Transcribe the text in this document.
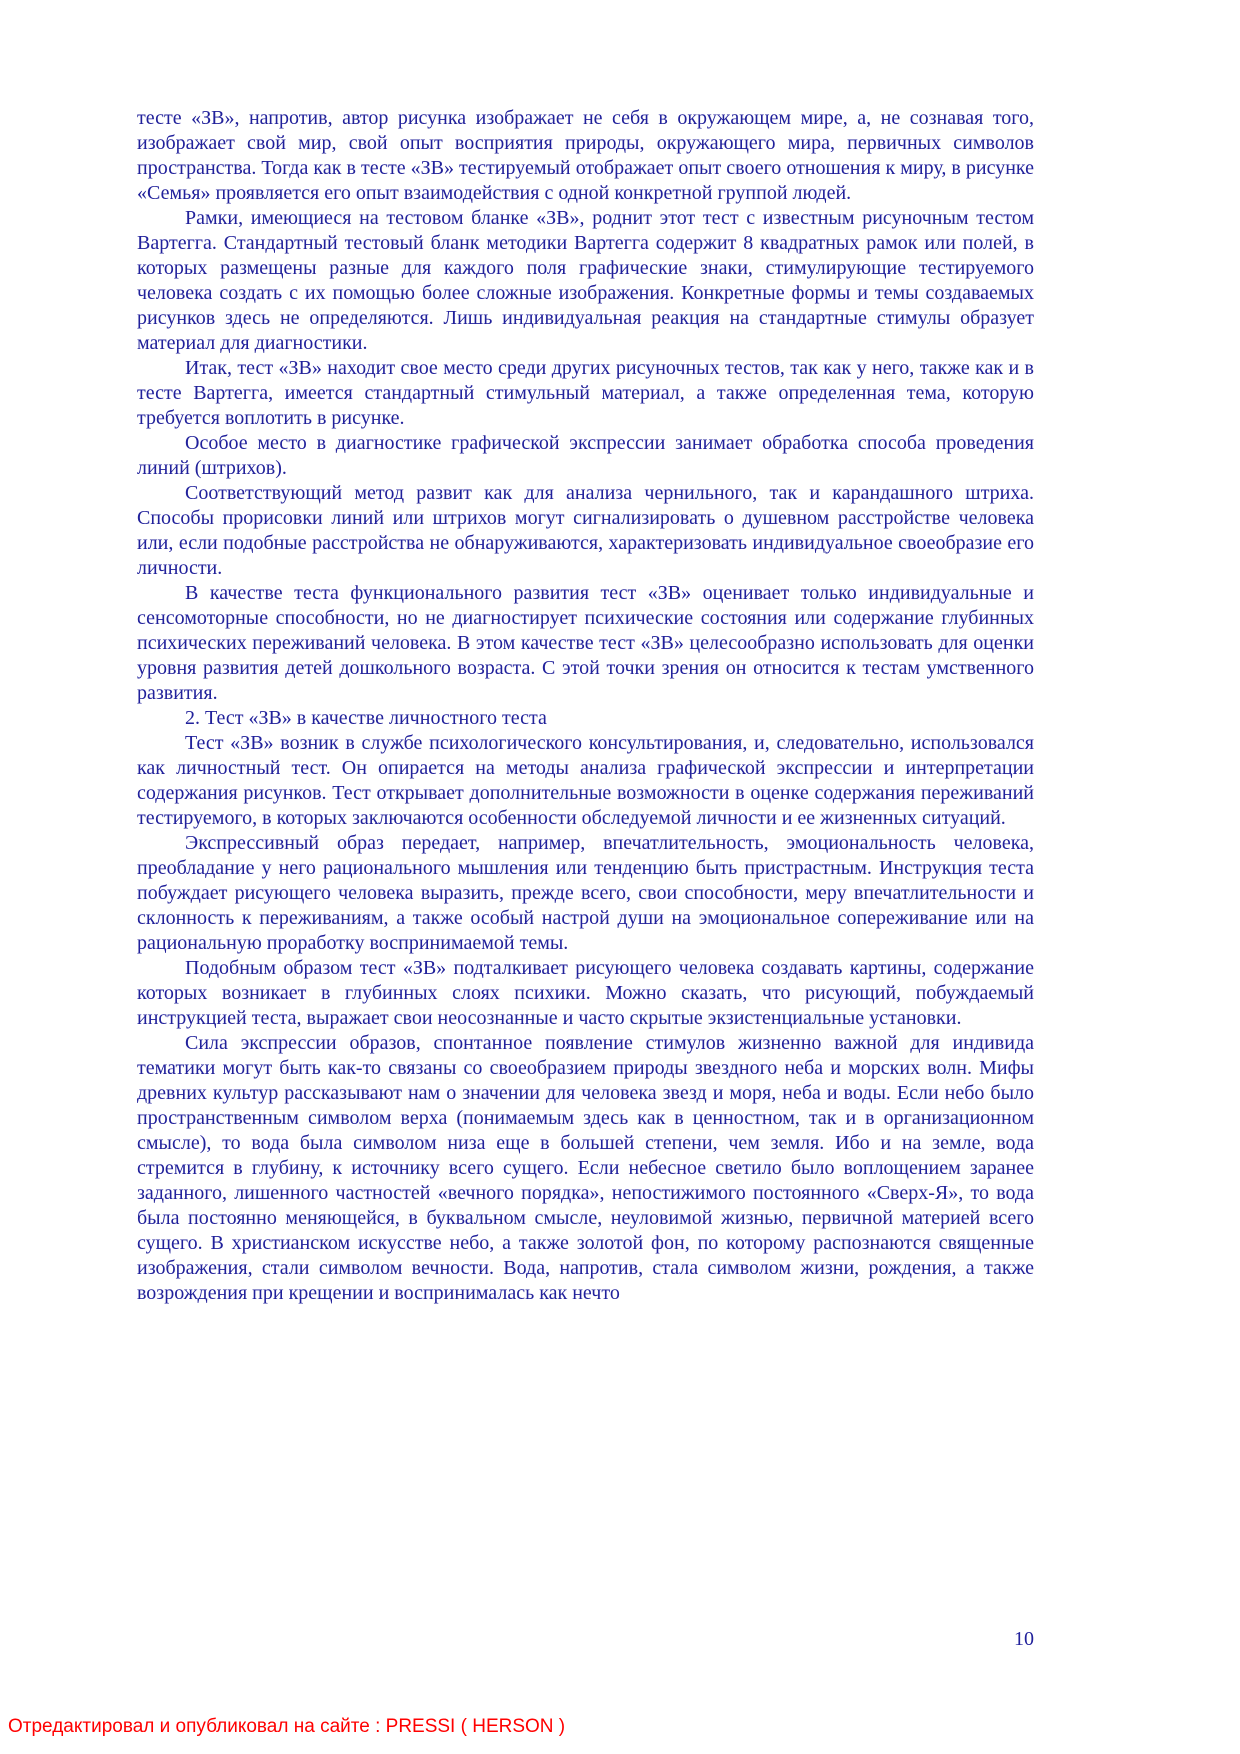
тесте «ЗВ», напротив, автор рисунка изображает не себя в окружающем мире, а, не сознавая того, изображает свой мир, свой опыт восприятия природы, окружающего мира, первичных символов пространства. Тогда как в тесте «ЗВ» тестируемый отображает опыт своего отношения к миру, в рисунке «Семья» проявляется его опыт взаимодействия с одной конкретной группой людей.

Рамки, имеющиеся на тестовом бланке «ЗВ», роднит этот тест с известным рисуночным тестом Вартегга. Стандартный тестовый бланк методики Вартегга содержит 8 квадратных рамок или полей, в которых размещены разные для каждого поля графические знаки, стимулирующие тестируемого человека создать с их помощью более сложные изображения. Конкретные формы и темы создаваемых рисунков здесь не определяются. Лишь индивидуальная реакция на стандартные стимулы образует материал для диагностики.

Итак, тест «ЗВ» находит свое место среди других рисуночных тестов, так как у него, также как и в тесте Вартегга, имеется стандартный стимульный материал, а также определенная тема, которую требуется воплотить в рисунке.

Особое место в диагностике графической экспрессии занимает обработка способа проведения линий (штрихов).

Соответствующий метод развит как для анализа чернильного, так и карандашного штриха. Способы прорисовки линий или штрихов могут сигнализировать о душевном расстройстве человека или, если подобные расстройства не обнаруживаются, характеризовать индивидуальное своеобразие его личности.

В качестве теста функционального развития тест «ЗВ» оценивает только индивидуальные и сенсомоторные способности, но не диагностирует психические состояния или содержание глубинных психических переживаний человека. В этом качестве тест «ЗВ» целесообразно использовать для оценки уровня развития детей дошкольного возраста. С этой точки зрения он относится к тестам умственного развития.

2. Тест «ЗВ» в качестве личностного теста

Тест «ЗВ» возник в службе психологического консультирования, и, следовательно, использовался как личностный тест. Он опирается на методы анализа графической экспрессии и интерпретации содержания рисунков. Тест открывает дополнительные возможности в оценке содержания переживаний тестируемого, в которых заключаются особенности обследуемой личности и ее жизненных ситуаций.

Экспрессивный образ передает, например, впечатлительность, эмоциональность человека, преобладание у него рационального мышления или тенденцию быть пристрастным. Инструкция теста побуждает рисующего человека выразить, прежде всего, свои способности, меру впечатлительности и склонность к переживаниям, а также особый настрой души на эмоциональное сопереживание или на рациональную проработку воспринимаемой темы.

Подобным образом тест «ЗВ» подталкивает рисующего человека создавать картины, содержание которых возникает в глубинных слоях психики. Можно сказать, что рисующий, побуждаемый инструкцией теста, выражает свои неосознанные и часто скрытые экзистенциальные установки.

Сила экспрессии образов, спонтанное появление стимулов жизненно важной для индивида тематики могут быть как-то связаны со своеобразием природы звездного неба и морских волн. Мифы древних культур рассказывают нам о значении для человека звезд и моря, неба и воды. Если небо было пространственным символом верха (понимаемым здесь как в ценностном, так и в организационном смысле), то вода была символом низа еще в большей степени, чем земля. Ибо и на земле, вода стремится в глубину, к источнику всего сущего. Если небесное светило было воплощением заранее заданного, лишенного частностей «вечного порядка», непостижимого постоянного «Сверх-Я», то вода была постоянно меняющейся, в буквальном смысле, неуловимой жизнью, первичной материей всего сущего. В христианском искусстве небо, а также золотой фон, по которому распознаются священные изображения, стали символом вечности. Вода, напротив, стала символом жизни, рождения, а также возрождения при крещении и воспринималась как нечто

10
Отредактировал и опубликовал на сайте : PRESSI ( HERSON )
